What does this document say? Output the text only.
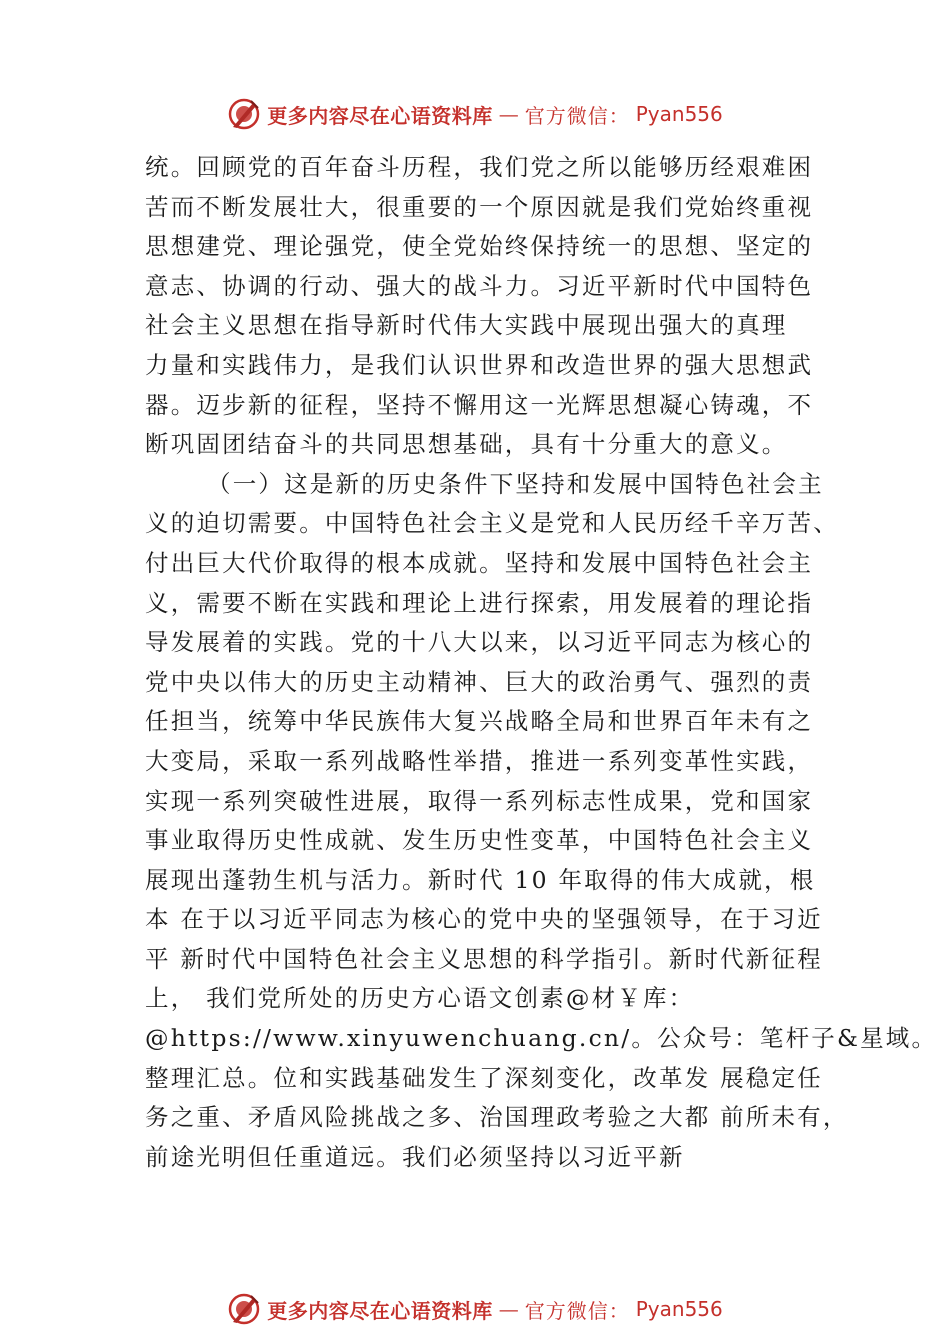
更多内容尽在心语资料库 — 官方微信： Pyan556
统。回顾党的百年奋斗历程，我们党之所以能够历经艰难困
苦而不断发展壮大，很重要的一个原因就是我们党始终重视
思想建党、理论强党，使全党始终保持统一的思想、坚定的
意志、协调的行动、强大的战斗力。习近平新时代中国特色
社会主义思想在指导新时代伟大实践中展现出强大的真理
力量和实践伟力，是我们认识世界和改造世界的强大思想武
器。迈步新的征程，坚持不懈用这一光辉思想凝心铸魂，不
断巩固团结奋斗的共同思想基础，具有十分重大的意义。
（一）这是新的历史条件下坚持和发展中国特色社会主
义的迫切需要。中国特色社会主义是党和人民历经千辛万苦、
付出巨大代价取得的根本成就。坚持和发展中国特色社会主
义，需要不断在实践和理论上进行探索，用发展着的理论指
导发展着的实践。党的十八大以来，以习近平同志为核心的
党中央以伟大的历史主动精神、巨大的政治勇气、强烈的责
任担当，统筹中华民族伟大复兴战略全局和世界百年未有之
大变局，采取一系列战略性举措，推进一系列变革性实践，
实现一系列突破性进展，取得一系列标志性成果，党和国家
事业取得历史性成就、发生历史性变革，中国特色社会主义
展现出蓬勃生机与活力。新时代 10 年取得的伟大成就，根
本 在于以习近平同志为核心的党中央的坚强领导，在于习近
平 新时代中国特色社会主义思想的科学指引。新时代新征程
上， 我们党所处的历史方心语文创素@材￥库：
@https://www.xinyuwenchuang.cn/。公众号：笔杆子&星域。
整理汇总。位和实践基础发生了深刻变化，改革发 展稳定任
务之重、矛盾风险挑战之多、治国理政考验之大都 前所未有，
前途光明但任重道远。我们必须坚持以习近平新
更多内容尽在心语资料库 — 官方微信： Pyan556
